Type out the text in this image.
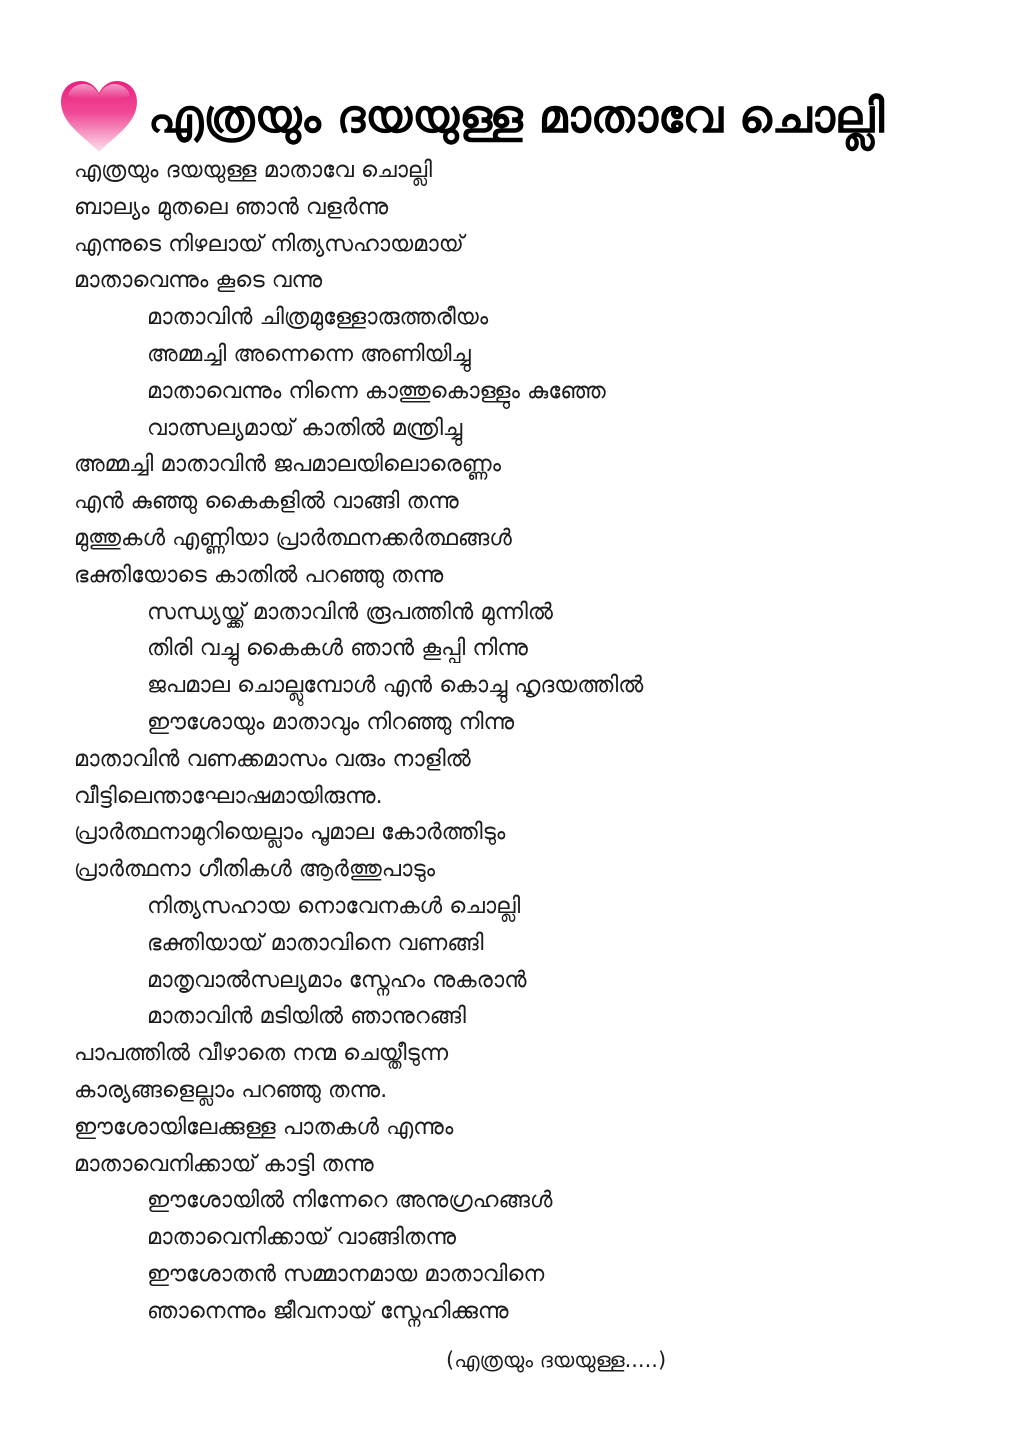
എത്രയും ദയയുള്ള മാതാവേ ചൊല്ലി
എത്രയും ദയയുള്ള മാതാവേ ചൊല്ലി
ബാല്യം മുതലെ ഞാൻ വളർന്നു
എന്നുടെ നിഴലായ് നിത്യസഹായമായ്
മാതാവെന്നും കൂടെ വന്നു
മാതാവിൻ ചിത്രമുള്ളോരുത്തരീയം
അമ്മച്ചി അന്നെന്നെ അണിയിച്ചു
മാതാവെന്നും നിന്നെ കാത്തുകൊള്ളും കുഞ്ഞേ
വാത്സല്യമായ് കാതിൽ മന്ത്രിച്ചു
അമ്മച്ചി മാതാവിൻ ജപമാലയിലൊരെണ്ണം
എൻ കുഞ്ഞു കൈകളിൽ വാങ്ങി തന്നു
മുത്തുകൾ എണ്ണിയാ പ്രാർത്ഥനക്കർത്ഥങ്ങൾ
ഭക്തിയോടെ കാതിൽ പറഞ്ഞു തന്നു
സന്ധ്യയ്ക്ക് മാതാവിൻ രൂപത്തിൻ മുന്നിൽ
തിരി വച്ചു കൈകൾ ഞാൻ കൂപ്പി നിന്നു
ജപമാല ചൊല്ലുമ്പോൾ എൻ കൊച്ചു ഹൃദയത്തിൽ
ഈശോയും മാതാവും നിറഞ്ഞു നിന്നു
മാതാവിൻ വണക്കമാസം വരും നാളിൽ
വീട്ടിലെന്താഘോഷമായിരുന്നു.
പ്രാർത്ഥനാമുറിയെല്ലാം പൂമാല കോർത്തിടും
പ്രാർത്ഥനാ ഗീതികൾ ആർത്തുപാടും
നിത്യസഹായ നൊവേനകൾ ചൊല്ലി
ഭക്തിയായ് മാതാവിനെ വണങ്ങി
മാതൃവാൽസല്യമാം സ്നേഹം നുകരാൻ
മാതാവിൻ മടിയിൽ ഞാനുറങ്ങി
പാപത്തിൽ വീഴാതെ നന്മ ചെയ്തീടുന്ന
കാര്യങ്ങളെല്ലാം പറഞ്ഞു തന്നു.
ഈശോയിലേക്കുള്ള പാതകൾ എന്നും
മാതാവെനിക്കായ് കാട്ടി തന്നു
ഈശോയിൽ നിന്നേറെ അനുഗ്രഹങ്ങൾ
മാതാവെനിക്കായ് വാങ്ങിതന്നു
ഈശോതൻ സമ്മാനമായ മാതാവിനെ
ഞാനെന്നും ജീവനായ് സ്നേഹിക്കുന്നു
(എത്രയും ദയയുള്ള.....)
